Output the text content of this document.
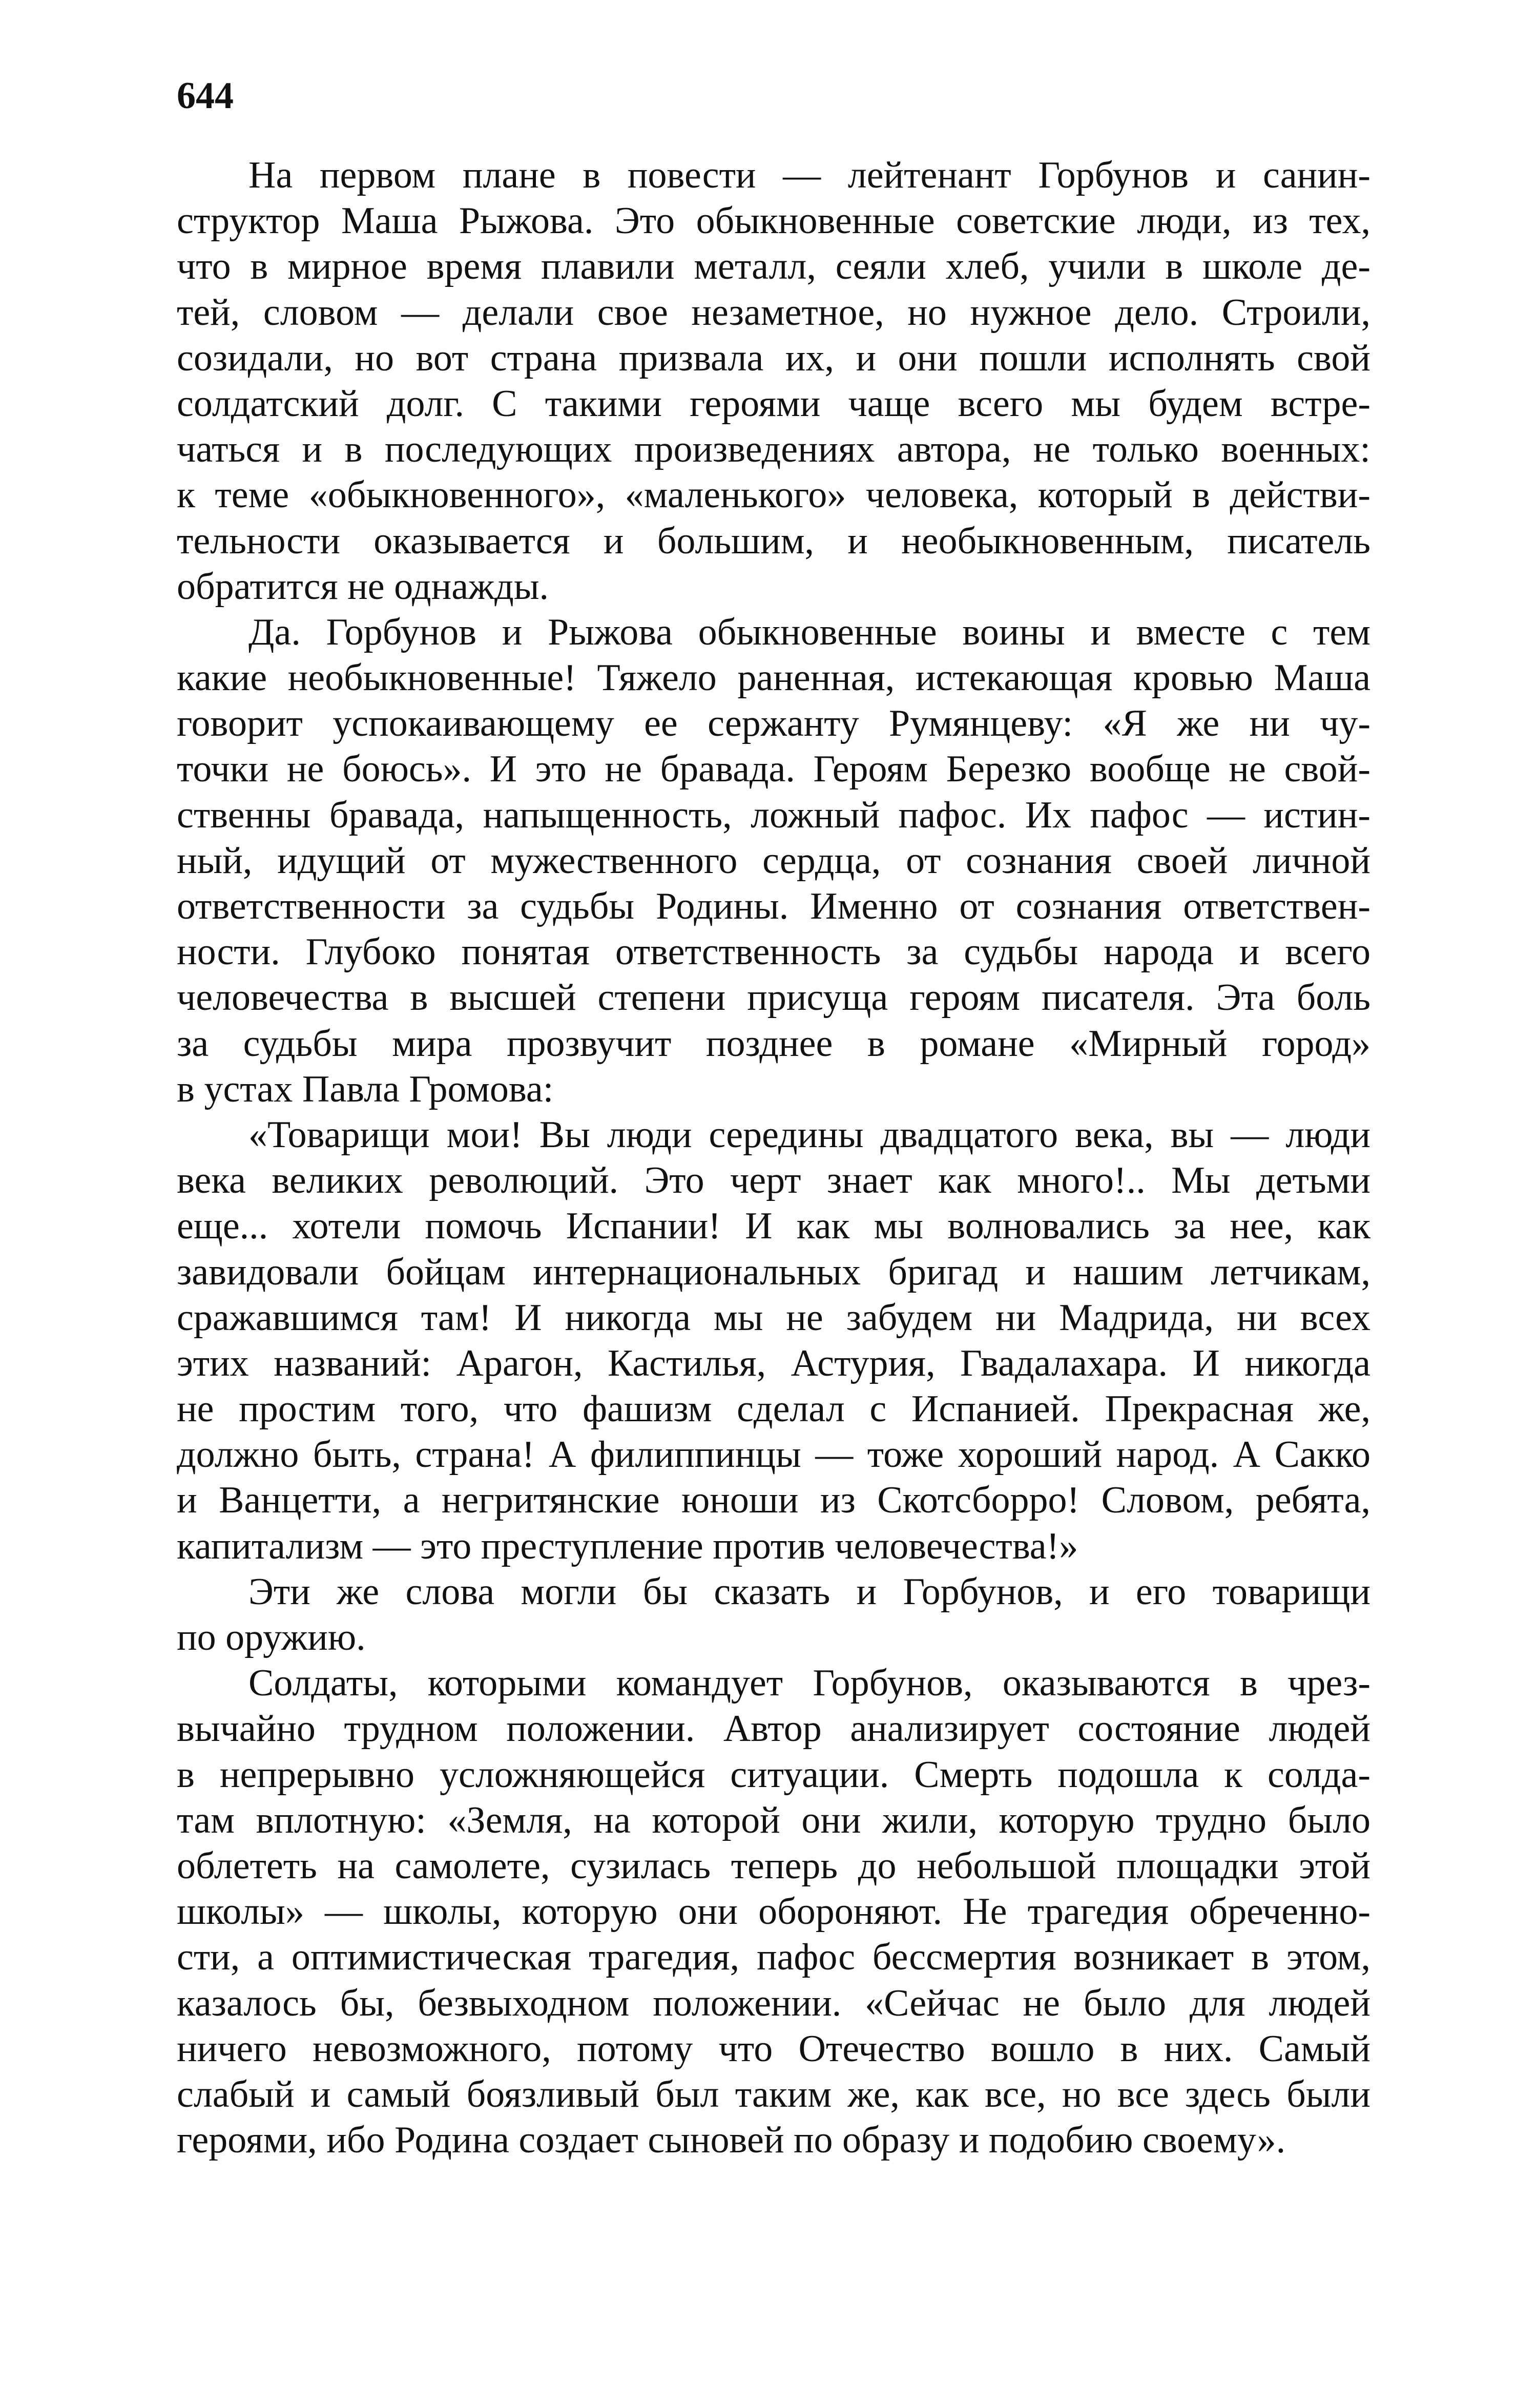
644
На первом плане в повести — лейтенант Горбунов и санин-
структор Маша Рыжова. Это обыкновенные советские люди, из тех,
что в мирное время плавили металл, сеяли хлеб, учили в школе де-
тей, словом — делали свое незаметное, но нужное дело. Строили,
созидали, но вот страна призвала их, и они пошли исполнять свой
солдатский долг. С такими героями чаще всего мы будем встре-
чаться и в последующих произведениях автора, не только военных:
к теме «обыкновенного», «маленького» человека, который в действи-
тельности оказывается и большим, и необыкновенным, писатель
обратится не однажды.
Да. Горбунов и Рыжова обыкновенные воины и вместе с тем
какие необыкновенные! Тяжело раненная, истекающая кровью Маша
говорит успокаивающему ее сержанту Румянцеву: «Я же ни чу-
точки не боюсь». И это не бравада. Героям Березко вообще не свой-
ственны бравада, напыщенность, ложный пафос. Их пафос — истин-
ный, идущий от мужественного сердца, от сознания своей личной
ответственности за судьбы Родины. Именно от сознания ответствен-
ности. Глубоко понятая ответственность за судьбы народа и всего
человечества в высшей степени присуща героям писателя. Эта боль
за судьбы мира прозвучит позднее в романе «Мирный город»
в устах Павла Громова:
«Товарищи мои! Вы люди середины двадцатого века, вы — люди
века великих революций. Это черт знает как много!.. Мы детьми
еще... хотели помочь Испании! И как мы волновались за нее, как
завидовали бойцам интернациональных бригад и нашим летчикам,
сражавшимся там! И никогда мы не забудем ни Мадрида, ни всех
этих названий: Арагон, Кастилья, Астурия, Гвадалахара. И никогда
не простим того, что фашизм сделал с Испанией. Прекрасная же,
должно быть, страна! А филиппинцы — тоже хороший народ. А Сакко
и Ванцетти, а негритянские юноши из Скотсборро! Словом, ребята,
капитализм — это преступление против человечества!»
Эти же слова могли бы сказать и Горбунов, и его товарищи
по оружию.
Солдаты, которыми командует Горбунов, оказываются в чрез-
вычайно трудном положении. Автор анализирует состояние людей
в непрерывно усложняющейся ситуации. Смерть подошла к солда-
там вплотную: «Земля, на которой они жили, которую трудно было
облететь на самолете, сузилась теперь до небольшой площадки этой
школы» — школы, которую они обороняют. Не трагедия обреченно-
сти, а оптимистическая трагедия, пафос бессмертия возникает в этом,
казалось бы, безвыходном положении. «Сейчас не было для людей
ничего невозможного, потому что Отечество вошло в них. Самый
слабый и самый боязливый был таким же, как все, но все здесь были
героями, ибо Родина создает сыновей по образу и подобию своему».
